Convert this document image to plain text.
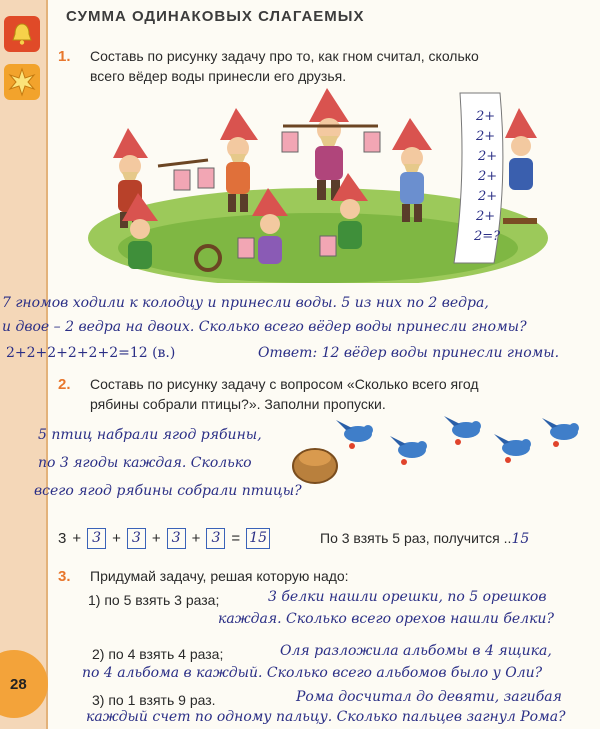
28
СУММА ОДИНАКОВЫХ СЛАГАЕМЫХ
1. Составь по рисунку задачу про то, как гном считал, сколько
всего вёдер воды принесли его друзья.
2+
2+
2+
2+
2+
2+
2=?
7 гномов ходили к колодцу и принесли воды. 5 из них по 2 ведра,
и двое – 2 ведра на двоих. Сколько всего вёдер воды принесли гномы?
2+2+2+2+2+2=12 (в.)	Ответ: 12 вёдер воды принесли гномы.
2. Составь по рисунку задачу с вопросом «Сколько всего ягод
рябины собрали птицы?». Заполни пропуски.
5 птиц набрали ягод рябины,
по 3 ягоды каждая. Сколько
всего ягод рябины собрали птицы?
3 + 3 + 3 + 3 + 3 = 15	По 3 взять 5 раз, получится ..15
3. Придумай задачу, решая которую надо:
1) по 5 взять 3 раза;	3 белки нашли орешки, по 5 орешков
каждая. Сколько всего орехов нашли белки?
2) по 4 взять 4 раза;	Оля разложила альбомы в 4 ящика,
по 4 альбома в каждый. Сколько всего альбомов было у Оли?
3) по 1 взять 9 раз.	Рома досчитал до девяти, загибая
каждый счет по одному пальцу. Сколько пальцев загнул Рома?
